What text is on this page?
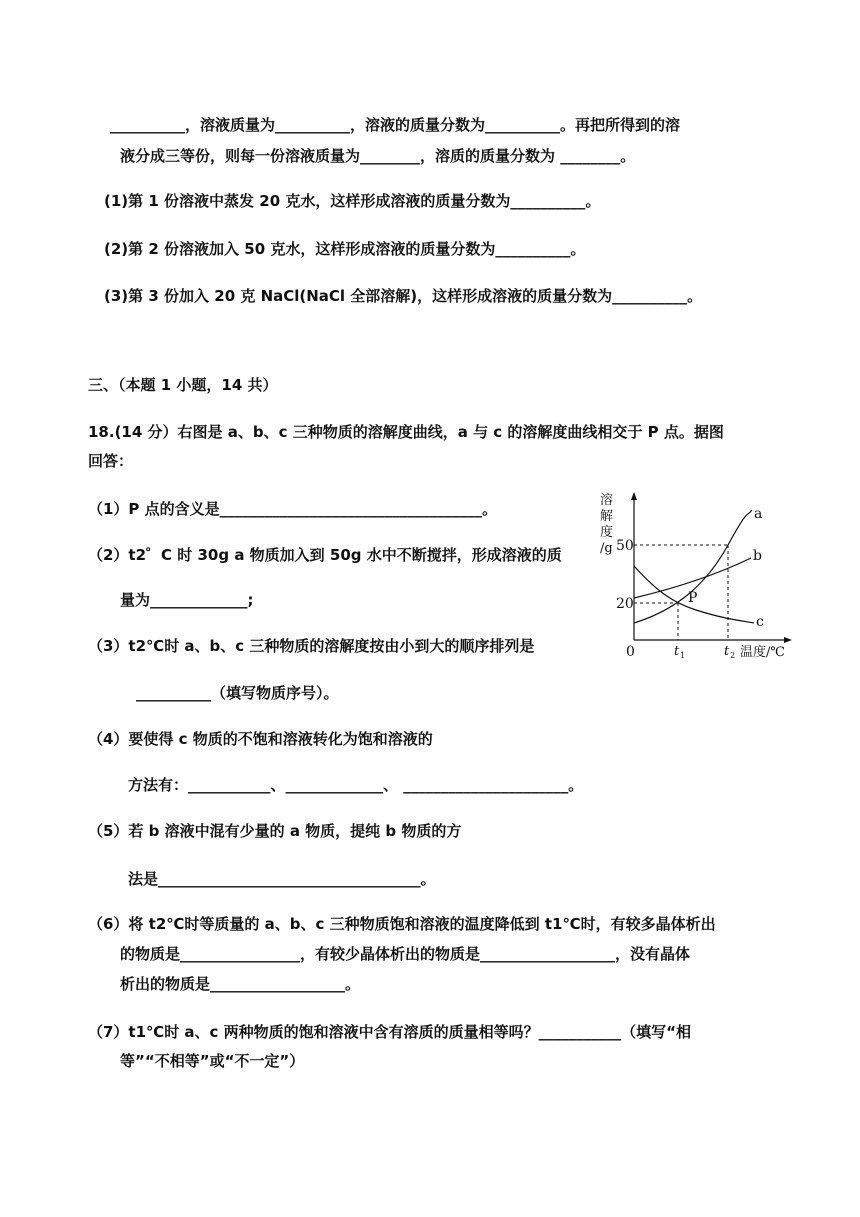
__________，溶液质量为__________，溶液的质量分数为__________。再把所得到的溶
液分成三等份，则每一份溶液质量为________，溶质的质量分数为 ________。
(1)第 1 份溶液中蒸发 20 克水，这样形成溶液的质量分数为__________。
(2)第 2 份溶液加入 50 克水，这样形成溶液的质量分数为__________。
(3)第 3 份加入 20 克 NaCl(NaCl 全部溶解)，这样形成溶液的质量分数为__________。
三、（本题 1 小题，14 共）
18.(14 分）右图是 a、b、c 三种物质的溶解度曲线，a 与 c 的溶解度曲线相交于 P 点。据图
回答：
（1）P 点的含义是___________________________________。
（2）t2゜C 时 30g a 物质加入到 50g 水中不断搅拌，形成溶液的质
量为_____________;
（3）t2℃时 a、b、c 三种物质的溶解度按由小到大的顺序排列是
__________（填写物质序号）。
（4）要使得 c 物质的不饱和溶液转化为饱和溶液的
方法有：___________、_____________、 ______________________。
（5）若 b 溶液中混有少量的 a 物质，提纯 b 物质的方
法是___________________________________。
（6）将 t2℃时等质量的 a、b、c 三种物质饱和溶液的温度降低到 t1℃时，有较多晶体析出
的物质是________________，有较少晶体析出的物质是__________________，没有晶体
析出的物质是__________________。
（7）t1℃时 a、c 两种物质的饱和溶液中含有溶质的质量相等吗？___________（填写“相
等”“不相等”或“不一定”）
溶
解
度
/g 50
20
0
a
b
c
P
t 1	t 2 温度/℃
